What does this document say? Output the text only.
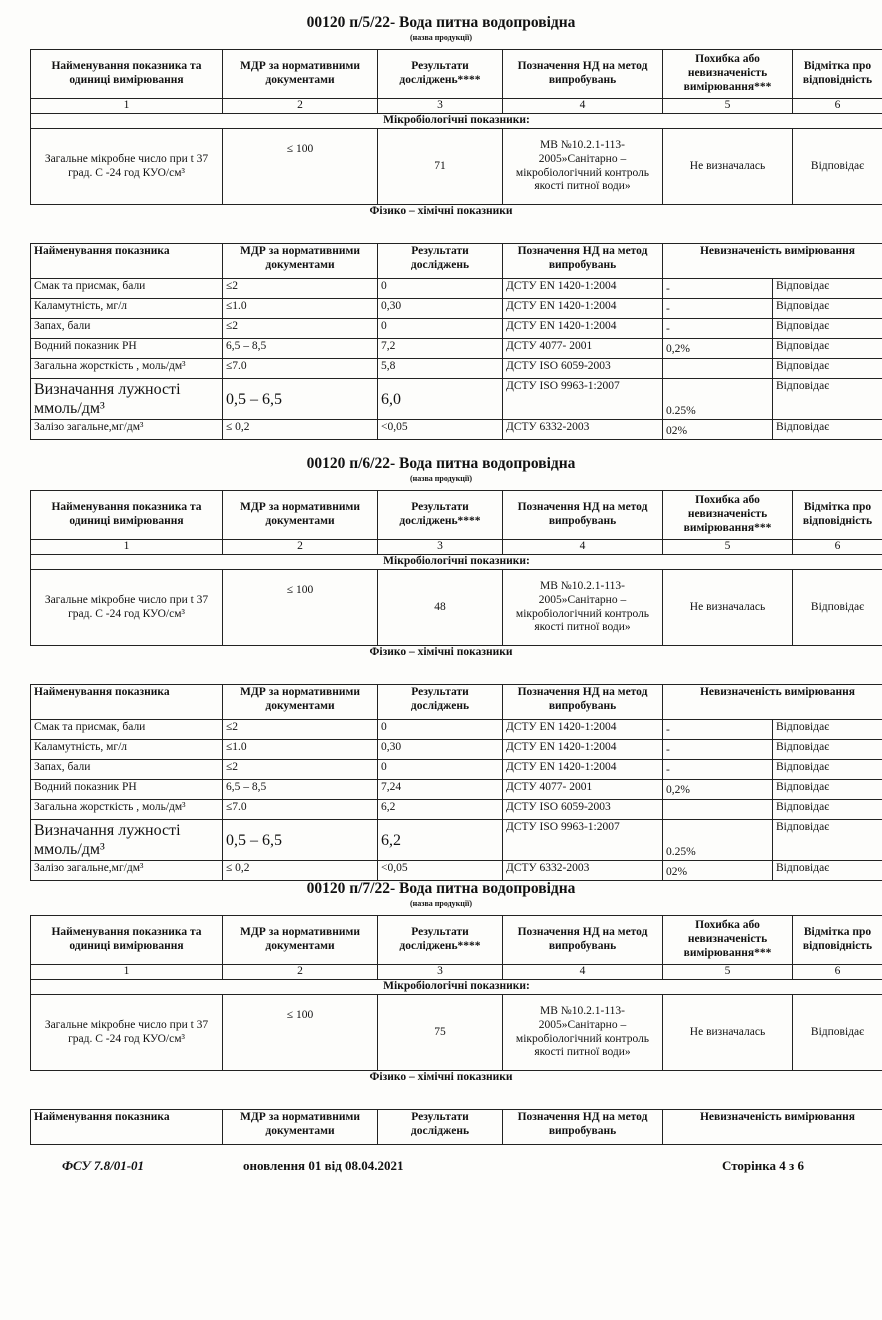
00120 п/5/22- Вода питна водопровідна
(назва продукції)
Найменування показника та одиниці вимірювання	МДР за нормативними документами	Результати досліджень****	Позначення НД на метод випробувань	Похибка або невизначеність вимірювання***	Відмітка про відповідність
1	2	3	4	5	6
Мікробіологічні показники:					
Загальне мікробне число при t 37 град. С -24 год КУО/см³	≤ 100	71	МВ №10.2.1-113-2005»Санітарно – мікробіологічний контроль якості питної води»	Не визначалась	Відповідає
Фізико – хімічні показники
Найменування показника	МДР за нормативними документами	Результати досліджень	Позначення НД на метод випробувань	Невизначеність вимірювання	
Смак та присмак, бали	≤2	0	ДСТУ EN 1420-1:2004	-	Відповідає
Каламутність, мг/л	≤1.0	0,30	ДСТУ EN 1420-1:2004	-	Відповідає
Запах, бали	≤2	0	ДСТУ EN 1420-1:2004	-	Відповідає
Водний показник РН	6,5 – 8,5	7,2	ДСТУ 4077- 2001	0,2%	Відповідає
Загальна жорсткість , моль/дм³	≤7.0	5,8	ДСТУ ISO 6059-2003		Відповідає
Визначання лужності ммоль/дм³	0,5 – 6,5	6,0	ДСТУ ISO 9963-1:2007	0.25%	Відповідає
Залізо загальне,мг/дм³	≤ 0,2	<0,05	ДСТУ 6332-2003	02%	Відповідає
00120 п/6/22- Вода питна водопровідна
(назва продукції)
Найменування показника та одиниці вимірювання	МДР за нормативними документами	Результати досліджень****	Позначення НД на метод випробувань	Похибка або невизначеність вимірювання***	Відмітка про відповідність
1	2	3	4	5	6
Мікробіологічні показники:					
Загальне мікробне число при t 37 град. С -24 год КУО/см³	≤ 100	48	МВ №10.2.1-113-2005»Санітарно – мікробіологічний контроль якості питної води»	Не визначалась	Відповідає
Фізико – хімічні показники
Найменування показника	МДР за нормативними документами	Результати досліджень	Позначення НД на метод випробувань	Невизначеність вимірювання	
Смак та присмак, бали	≤2	0	ДСТУ EN 1420-1:2004	-	Відповідає
Каламутність, мг/л	≤1.0	0,30	ДСТУ EN 1420-1:2004	-	Відповідає
Запах, бали	≤2	0	ДСТУ EN 1420-1:2004	-	Відповідає
Водний показник РН	6,5 – 8,5	7,24	ДСТУ 4077- 2001	0,2%	Відповідає
Загальна жорсткість , моль/дм³	≤7.0	6,2	ДСТУ ISO 6059-2003		Відповідає
Визначання лужності ммоль/дм³	0,5 – 6,5	6,2	ДСТУ ISO 9963-1:2007	0.25%	Відповідає
Залізо загальне,мг/дм³	≤ 0,2	<0,05	ДСТУ 6332-2003	02%	Відповідає
00120 п/7/22- Вода питна водопровідна
(назва продукції)
Найменування показника та одиниці вимірювання	МДР за нормативними документами	Результати досліджень****	Позначення НД на метод випробувань	Похибка або невизначеність вимірювання***	Відмітка про відповідність
1	2	3	4	5	6
Мікробіологічні показники:					
Загальне мікробне число при t 37 град. С -24 год КУО/см³	≤ 100	75	МВ №10.2.1-113-2005»Санітарно – мікробіологічний контроль якості питної води»	Не визначалась	Відповідає
Фізико – хімічні показники
Найменування показника	МДР за нормативними документами	Результати досліджень	Позначення НД на метод випробувань	Невизначеність вимірювання
ФСУ 7.8/01-01	оновлення 01 від 08.04.2021	Сторінка 4 з 6
